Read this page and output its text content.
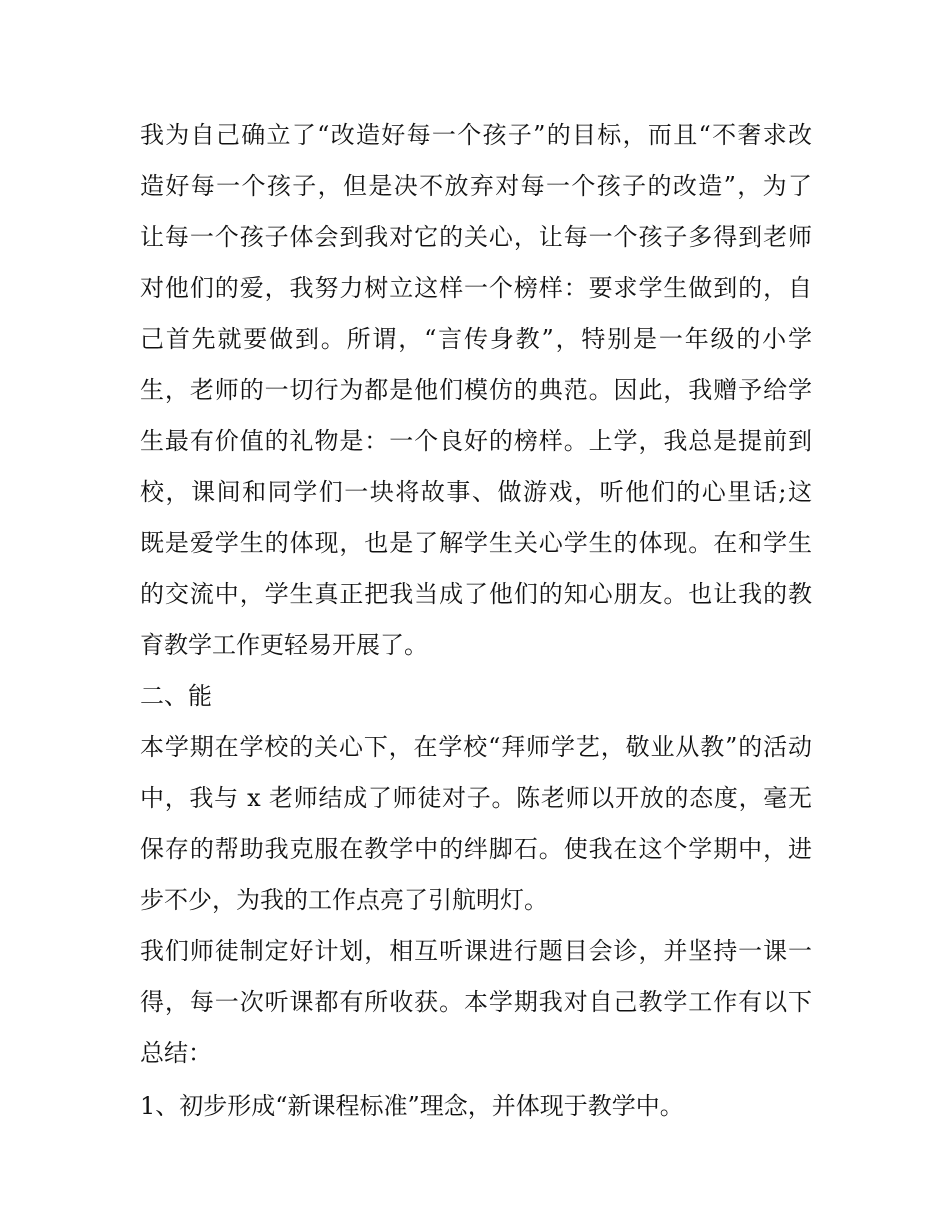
我为自己确立了“改造好每一个孩子”的目标，而且“不奢求改
造好每一个孩子，但是决不放弃对每一个孩子的改造”，为了
让每一个孩子体会到我对它的关心，让每一个孩子多得到老师
对他们的爱，我努力树立这样一个榜样：要求学生做到的，自
己首先就要做到。所谓，“言传身教”，特别是一年级的小学
生，老师的一切行为都是他们模仿的典范。因此，我赠予给学
生最有价值的礼物是：一个良好的榜样。上学，我总是提前到
校，课间和同学们一块将故事、做游戏，听他们的心里话;这
既是爱学生的体现，也是了解学生关心学生的体现。在和学生
的交流中，学生真正把我当成了他们的知心朋友。也让我的教
育教学工作更轻易开展了。
二、能
本学期在学校的关心下，在学校“拜师学艺，敬业从教”的活动
中，我与 x 老师结成了师徒对子。陈老师以开放的态度，毫无
保存的帮助我克服在教学中的绊脚石。使我在这个学期中，进
步不少，为我的工作点亮了引航明灯。
我们师徒制定好计划，相互听课进行题目会诊，并坚持一课一
得，每一次听课都有所收获。本学期我对自己教学工作有以下
总结：
1、初步形成“新课程标准”理念，并体现于教学中。
